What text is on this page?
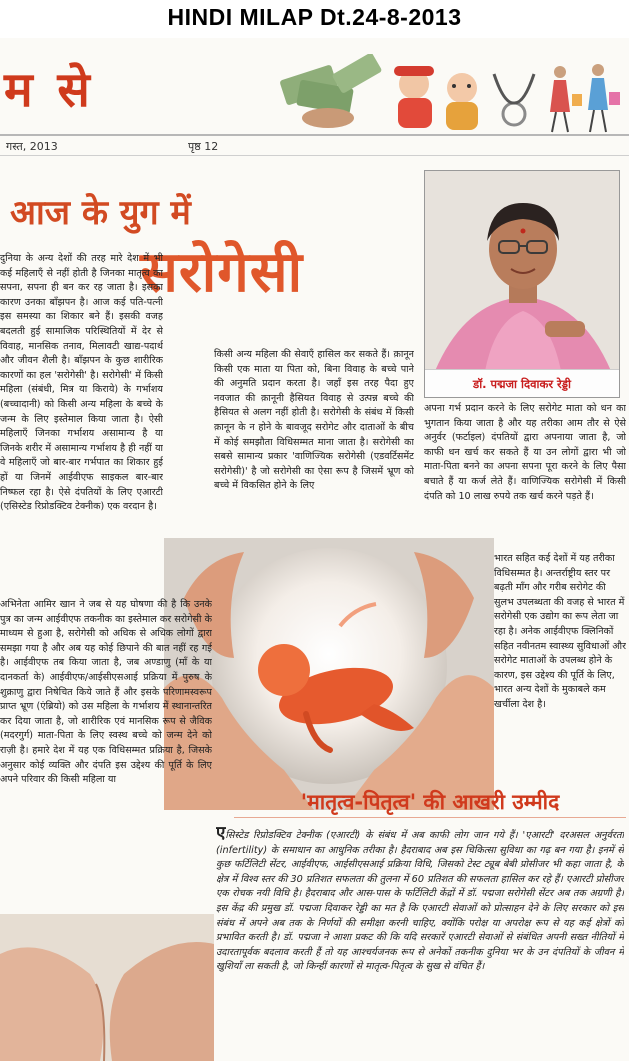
HINDI MILAP Dt.24-8-2013
म से
गस्त, 2013	पृष्ठ 12
आज के युग में
सरोगेसी
डॉ. पद्मजा दिवाकर रेड्डी

दुनिया के अन्य देशों की तरह मारे देश में भी कई महिलाएँ से नहीं होती है जिनका मातृत्व का सपना, सपना ही बन कर रह जाता है। इसका कारण उनका बाँझपन है। आज कई पति-पत्नी इस समस्या का शिकार बने हैं। इसकी वजह बदलती हुई सामाजिक परिस्थितियों में देर से विवाह, मानसिक तनाव, मिलावटी खाद्य-पदार्थ और जीवन शैली है। बाँझपन के कुछ शारीरिक कारणों का हल 'सरोगेसी' है। सरोगेसी' में किसी महिला (संबंधी, मित्र या किराये) के गर्भाशय (बच्चादानी) को किसी अन्य महिला के बच्चे के जन्म के लिए इस्तेमाल किया जाता है। ऐसी महिलाएँ जिनका गर्भाशय असामान्य है या जिनके शरीर में असामान्य गर्भाशय है ही नहीं या वे महिलाएँ जो बार-बार गर्भपात का शिकार हुई हों या जिनमें आईवीएफ साइकल बार-बार निष्फल रहा है। ऐसे दंपतियों के लिए एआरटी (एसिस्टेड रिप्रोडक्टिव टेक्नीक) एक वरदान है।

किसी अन्य महिला की सेवाएँ हासिल कर सकते हैं। क़ानून किसी एक माता या पिता को, बिना विवाह के बच्चे पाने की अनुमति प्रदान करता है। जहाँ इस तरह पैदा हुए नवजात की क़ानूनी हैसियत विवाह से उत्पन्न बच्चे की हैसियत से अलग नहीं होती है। सरोगेसी के संबंध में किसी क़ानून के न होने के बावजूद सरोगेट और दाताओं के बीच में कोई समझौता विधिसम्मत माना जाता है। सरोगेसी का सबसे सामान्य प्रकार 'वाणिज्यिक सरोगेसी (एडवर्टिसमेंट सरोगेसी)' है जो सरोगेसी का ऐसा रूप है जिसमें भ्रूण को बच्चे में विकसित होने के लिए

अपना गर्भ प्रदान करने के लिए सरोगेट माता को धन का भुगतान किया जाता है और यह तरीका आम तौर से ऐसे अनुर्वर (फर्टाइल) दंपतियों द्वारा अपनाया जाता है, जो काफी धन खर्च कर सकते हैं या उन लोगों द्वारा भी जो माता-पिता बनने का अपना सपना पूरा करने के लिए पैसा बचाते हैं या कर्ज लेते हैं। वाणिज्यिक सरोगेसी में किसी दंपति को 10 लाख रुपये तक खर्च करने पड़ते हैं।

भारत सहित कई देशों में यह तरीका विधिसम्मत है। अन्तर्राष्ट्रीय स्तर पर बढ़ती माँग और गरीब सरोगेट की सुलभ उपलब्धता की वजह से भारत में सरोगेसी एक उद्योग का रूप लेता जा रहा है। अनेक आईवीएफ क्लिनिकों सहित नवीनतम स्वास्थ्य सुविधाओं और सरोगेट माताओं के उपलब्ध होने के कारण, इस उद्देश्य की पूर्ति के लिए, भारत अन्य देशों के मुकाबले कम खर्चीला देश है।

अभिनेता आमिर खान ने जब से यह घोषणा की है कि उनके पुत्र का जन्म आईवीएफ तकनीक का इस्तेमाल कर सरोगेसी के माध्यम से हुआ है, सरोगेसी को अधिक से अधिक लोगों द्वारा समझा गया है और अब यह कोई छिपाने की बात नहीं रह गई है। आईवीएफ तब किया जाता है, जब अण्डाणु (माँ के या दानकर्ता के) आईवीएफ/आईसीएसआई प्रक्रिया में पुरुष के शुक्राणु द्वारा निषेचित किये जाते हैं और इसके परिणामस्वरूप प्राप्त भ्रूण (एंब्रियो) को उस महिला के गर्भाशय में स्थानान्तरित कर दिया जाता है, जो शारीरिक एवं मानसिक रूप से जैविक (मदरगुर्ग) माता-पिता के लिए स्वस्थ बच्चे को जन्म देने को राज़ी है। हमारे देश में यह एक विधिसम्मत प्रक्रिया है, जिसके अनुसार कोई व्यक्ति और दंपति इस उद्देश्य की पूर्ति के लिए अपने परिवार की किसी महिला या

'मातृत्व-पितृत्व' की आखरी उम्मीद

एसिस्टेड रिप्रोडक्टिव टेक्नीक (एआरटी) के संबंध में अब काफी लोग जान गये हैं। 'एआरटी' दरअसल अनुर्वरता (infertility) के समाधान का आधुनिक तरीका है। हैदराबाद अब इस चिकित्सा सुविधा का गढ़ बन गया है। इनमें से कुछ फर्टिलिटी सेंटर, आईवीएफ, आईसीएसआई प्रक्रिया विधि, जिसको टेस्ट ट्यूब बेबी प्रोसीजर भी कहा जाता है, के क्षेत्र में विश्व स्तर की 30 प्रतिशत सफलता की तुलना में 60 प्रतिशत की सफलता हासिल कर रहे हैं। एआरटी प्रोसीजर एक रोचक नयी विधि है। हैदराबाद और आस-पास के फर्टिलिटी केंद्रों में डॉ. पद्मजा सरोगेसी सेंटर अब तक अग्रणी है। इस केंद्र की प्रमुख डॉ. पद्मजा दिवाकर रेड्डी का मत है कि एआरटी सेवाओं को प्रोत्साहन देने के लिए सरकार को इस संबंध में अपने अब तक के निर्णयों की समीक्षा करनी चाहिए, क्योंकि परोक्ष या अपरोक्ष रूप से यह कई क्षेत्रों को प्रभावित करती है। डॉ. पद्मजा ने आशा प्रकट की कि यदि सरकारें एआरटी सेवाओं से संबंधित अपनी सख्त नीतियों में उदारतापूर्वक बदलाव करती हैं तो यह आश्चर्यजनक रूप से अनेकों तकनीक दुनिया भर के उन दंपतियों के जीवन में खुशियाँ ला सकती है, जो किन्हीं कारणों से मातृत्व-पितृत्व के सुख से वंचित हैं।
